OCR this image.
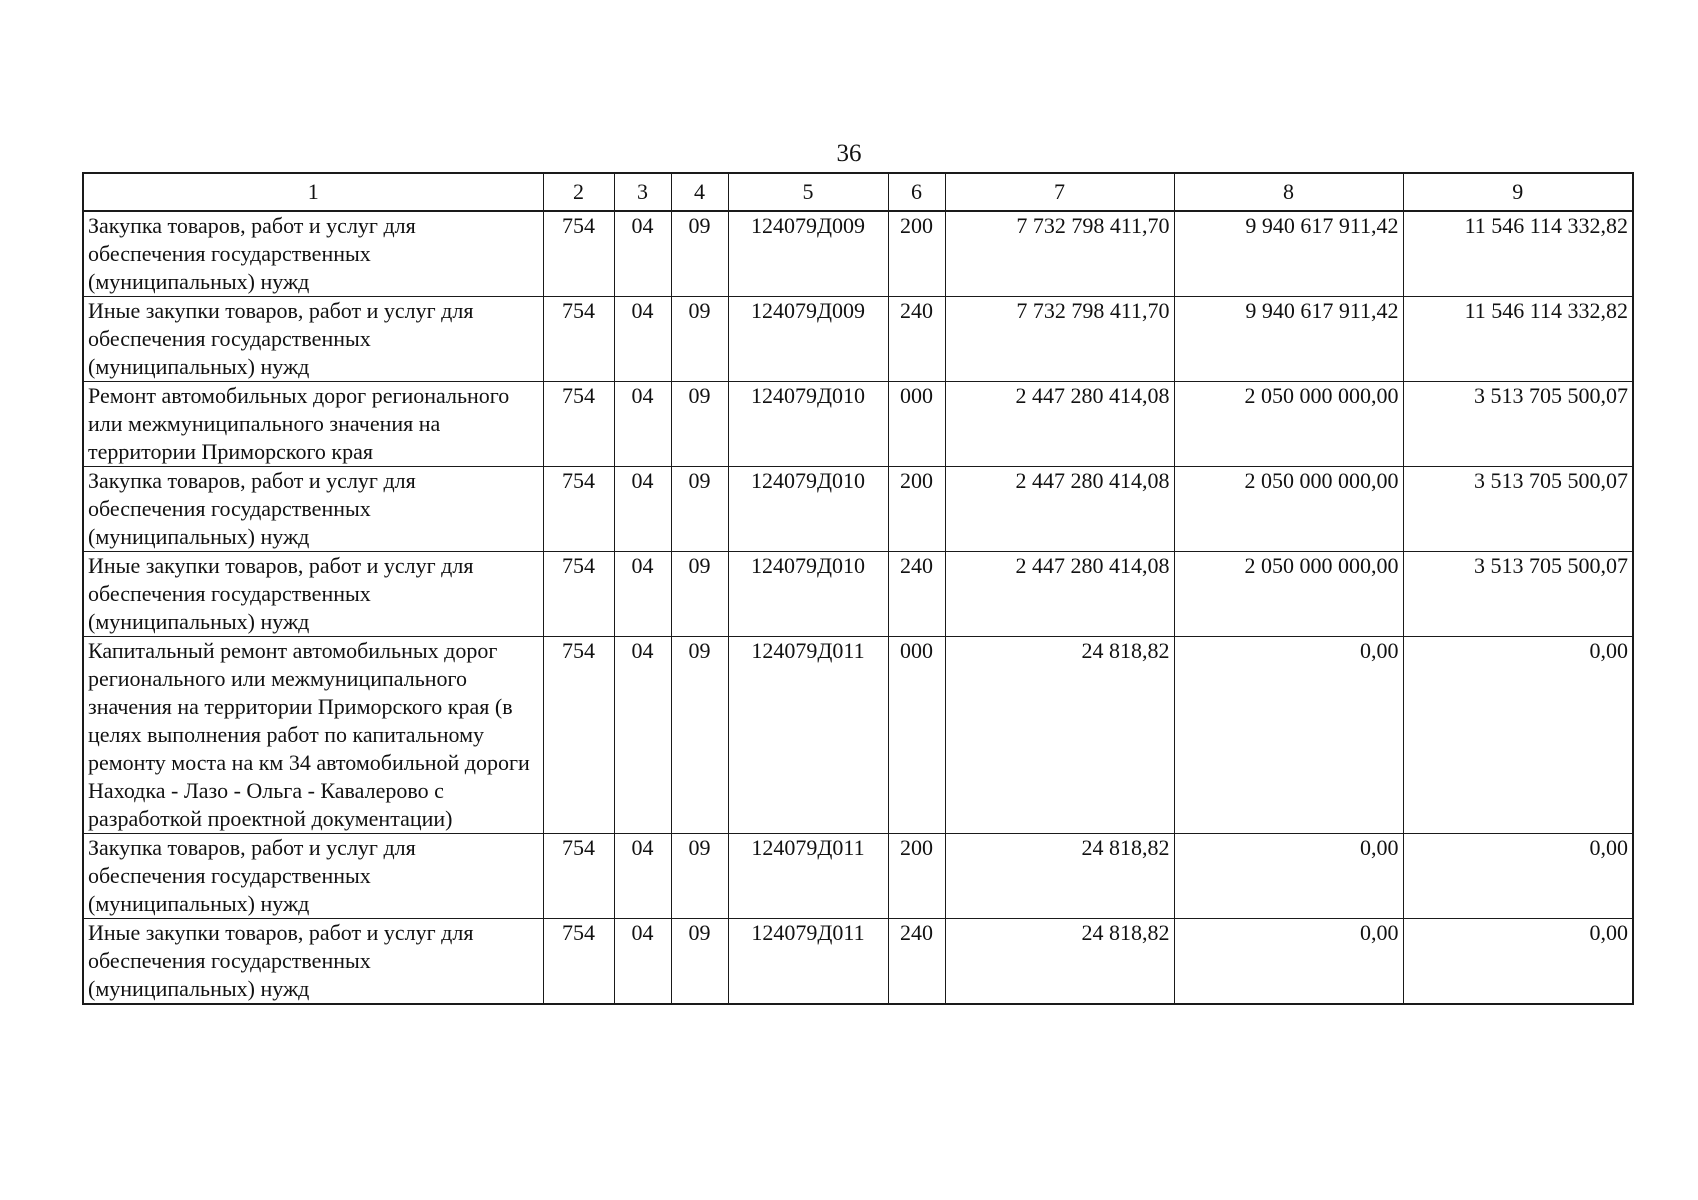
36
1	2	3	4	5	6	7	8	9
Закупка товаров, работ и услуг для обеспечения государственных (муниципальных) нужд	754	04	09	124079Д009	200	7 732 798 411,70	9 940 617 911,42	11 546 114 332,82
Иные закупки товаров, работ и услуг для обеспечения государственных (муниципальных) нужд	754	04	09	124079Д009	240	7 732 798 411,70	9 940 617 911,42	11 546 114 332,82
Ремонт автомобильных дорог регионального или межмуниципального значения на территории Приморского края	754	04	09	124079Д010	000	2 447 280 414,08	2 050 000 000,00	3 513 705 500,07
Закупка товаров, работ и услуг для обеспечения государственных (муниципальных) нужд	754	04	09	124079Д010	200	2 447 280 414,08	2 050 000 000,00	3 513 705 500,07
Иные закупки товаров, работ и услуг для обеспечения государственных (муниципальных) нужд	754	04	09	124079Д010	240	2 447 280 414,08	2 050 000 000,00	3 513 705 500,07
Капитальный ремонт автомобильных дорог регионального или межмуниципального значения на территории Приморского края (в целях выполнения работ по капитальному ремонту моста на км 34 автомобильной дороги Находка - Лазо - Ольга - Кавалерово с разработкой проектной документации)	754	04	09	124079Д011	000	24 818,82	0,00	0,00
Закупка товаров, работ и услуг для обеспечения государственных (муниципальных) нужд	754	04	09	124079Д011	200	24 818,82	0,00	0,00
Иные закупки товаров, работ и услуг для обеспечения государственных (муниципальных) нужд	754	04	09	124079Д011	240	24 818,82	0,00	0,00
